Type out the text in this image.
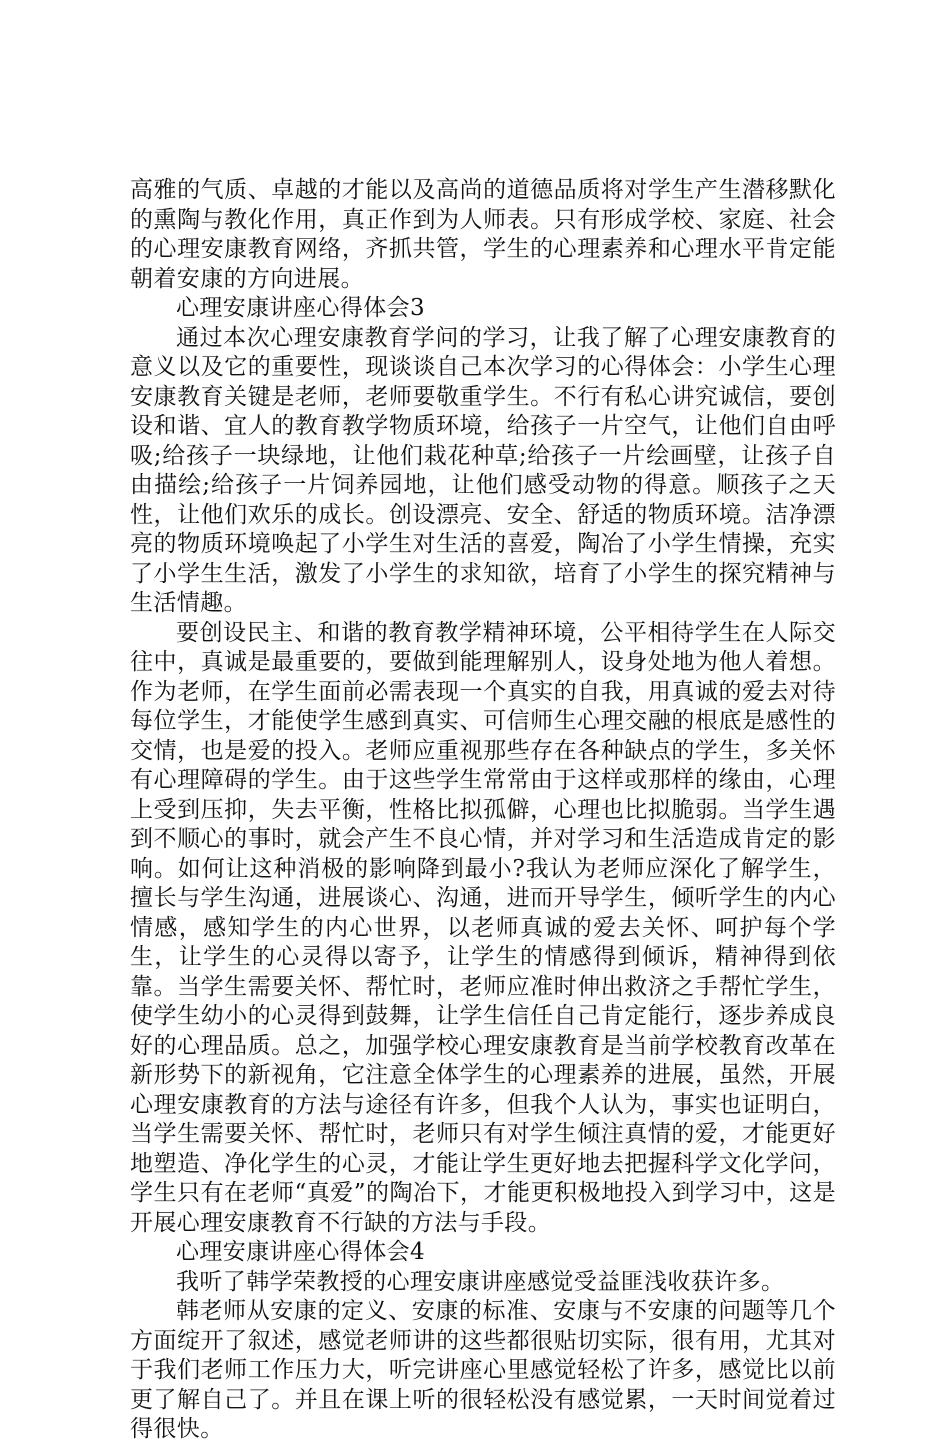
高雅的气质、卓越的才能以及高尚的道德品质将对学生产生潜移默化的熏陶与教化作用，真正作到为人师表。只有形成学校、家庭、社会的心理安康教育网络，齐抓共管，学生的心理素养和心理水平肯定能朝着安康的方向进展。

心理安康讲座心得体会3

通过本次心理安康教育学问的学习，让我了解了心理安康教育的意义以及它的重要性，现谈谈自己本次学习的心得体会：小学生心理安康教育关键是老师，老师要敬重学生。不行有私心讲究诚信，要创设和谐、宜人的教育教学物质环境，给孩子一片空气，让他们自由呼吸;给孩子一块绿地，让他们栽花种草;给孩子一片绘画壁，让孩子自由描绘;给孩子一片饲养园地，让他们感受动物的得意。顺孩子之天性，让他们欢乐的成长。创设漂亮、安全、舒适的物质环境。洁净漂亮的物质环境唤起了小学生对生活的喜爱，陶冶了小学生情操，充实了小学生生活，激发了小学生的求知欲，培育了小学生的探究精神与生活情趣。

要创设民主、和谐的教育教学精神环境，公平相待学生在人际交往中，真诚是最重要的，要做到能理解别人，设身处地为他人着想。作为老师，在学生面前必需表现一个真实的自我，用真诚的爱去对待每位学生，才能使学生感到真实、可信师生心理交融的根底是感性的交情，也是爱的投入。老师应重视那些存在各种缺点的学生，多关怀有心理障碍的学生。由于这些学生常常由于这样或那样的缘由，心理上受到压抑，失去平衡，性格比拟孤僻，心理也比拟脆弱。当学生遇到不顺心的事时，就会产生不良心情，并对学习和生活造成肯定的影响。如何让这种消极的影响降到最小?我认为老师应深化了解学生，擅长与学生沟通，进展谈心、沟通，进而开导学生，倾听学生的内心情感，感知学生的内心世界，以老师真诚的爱去关怀、呵护每个学生，让学生的心灵得以寄予，让学生的情感得到倾诉，精神得到依靠。当学生需要关怀、帮忙时，老师应准时伸出救济之手帮忙学生，使学生幼小的心灵得到鼓舞，让学生信任自己肯定能行，逐步养成良好的心理品质。总之，加强学校心理安康教育是当前学校教育改革在新形势下的新视角，它注意全体学生的心理素养的进展，虽然，开展心理安康教育的方法与途径有许多，但我个人认为，事实也证明白，当学生需要关怀、帮忙时，老师只有对学生倾注真情的爱，才能更好地塑造、净化学生的心灵，才能让学生更好地去把握科学文化学问，学生只有在老师“真爱”的陶冶下，才能更积极地投入到学习中，这是开展心理安康教育不行缺的方法与手段。

心理安康讲座心得体会4

我听了韩学荣教授的心理安康讲座感觉受益匪浅收获许多。

韩老师从安康的定义、安康的标准、安康与不安康的问题等几个方面绽开了叙述，感觉老师讲的这些都很贴切实际，很有用，尤其对于我们老师工作压力大，听完讲座心里感觉轻松了许多，感觉比以前更了解自己了。并且在课上听的很轻松没有感觉累，一天时间觉着过得很快。
